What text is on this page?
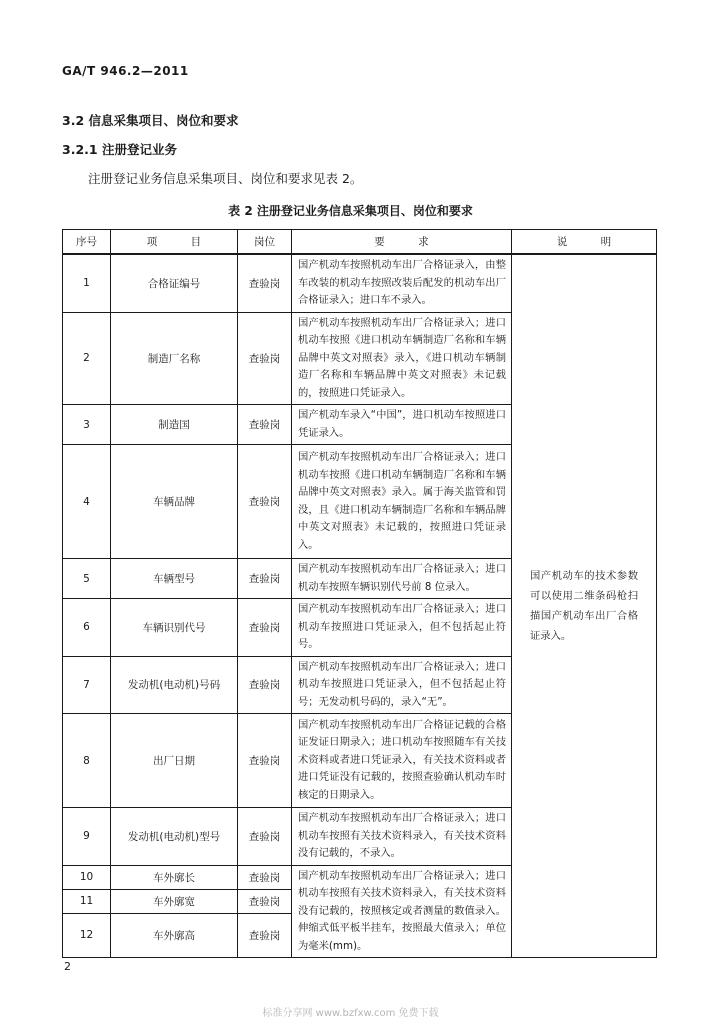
GA/T 946.2—2011
3.2 信息采集项目、岗位和要求
3.2.1 注册登记业务
注册登记业务信息采集项目、岗位和要求见表 2。
表 2 注册登记业务信息采集项目、岗位和要求
序号	项          目	岗位	要          求	说          明
1	合格证编号	查验岗	国产机动车按照机动车出厂合格证录入，由整车改装的机动车按照改装后配发的机动车出厂合格证录入；进口车不录入。	国产机动车的技术参数可以使用二维条码枪扫描国产机动车出厂合格证录入。
2	制造厂名称	查验岗	国产机动车按照机动车出厂合格证录入；进口机动车按照《进口机动车辆制造厂名称和车辆品牌中英文对照表》录入，《进口机动车辆制造厂名称和车辆品牌中英文对照表》未记载的，按照进口凭证录入。	
3	制造国	查验岗	国产机动车录入“中国”，进口机动车按照进口凭证录入。	
4	车辆品牌	查验岗	国产机动车按照机动车出厂合格证录入；进口机动车按照《进口机动车辆制造厂名称和车辆品牌中英文对照表》录入。属于海关监管和罚没，且《进口机动车辆制造厂名称和车辆品牌中英文对照表》未记载的，按照进口凭证录入。	
5	车辆型号	查验岗	国产机动车按照机动车出厂合格证录入；进口机动车按照车辆识别代号前 8 位录入。	
6	车辆识别代号	查验岗	国产机动车按照机动车出厂合格证录入；进口机动车按照进口凭证录入，但不包括起止符号。	
7	发动机(电动机)号码	查验岗	国产机动车按照机动车出厂合格证录入；进口机动车按照进口凭证录入，但不包括起止符号；无发动机号码的，录入“无”。	
8	出厂日期	查验岗	国产机动车按照机动车出厂合格证记载的合格证发证日期录入；进口机动车按照随车有关技术资料或者进口凭证录入，有关技术资料或者进口凭证没有记载的，按照查验确认机动车时核定的日期录入。	
9	发动机(电动机)型号	查验岗	国产机动车按照机动车出厂合格证录入；进口机动车按照有关技术资料录入，有关技术资料没有记载的，不录入。	
10	车外廓长	查验岗	国产机动车按照机动车出厂合格证录入；进口机动车按照有关技术资料录入，有关技术资料没有记载的，按照核定或者测量的数值录入。伸缩式低平板半挂车，按照最大值录入；单位为毫米(mm)。	
11	车外廓宽	查验岗		
12	车外廓高	查验岗		
2
标准分享网 www.bzfxw.com 免费下载
